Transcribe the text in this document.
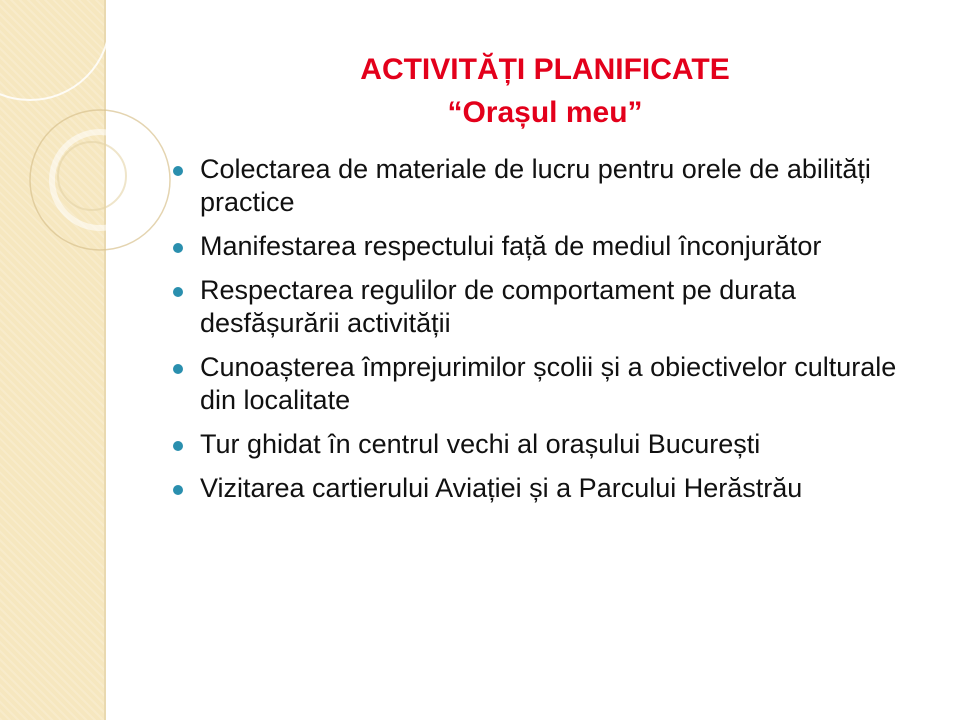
ACTIVITĂȚI PLANIFICATE
“Orașul meu”
Colectarea de materiale de lucru pentru orele de abilități practice
Manifestarea respectului față de mediul înconjurător
Respectarea regulilor de comportament pe durata desfășurării activității
Cunoașterea împrejurimilor școlii și a obiectivelor culturale din localitate
Tur ghidat în centrul vechi al orașului București
Vizitarea cartierului Aviației și a Parcului Herăstrău
